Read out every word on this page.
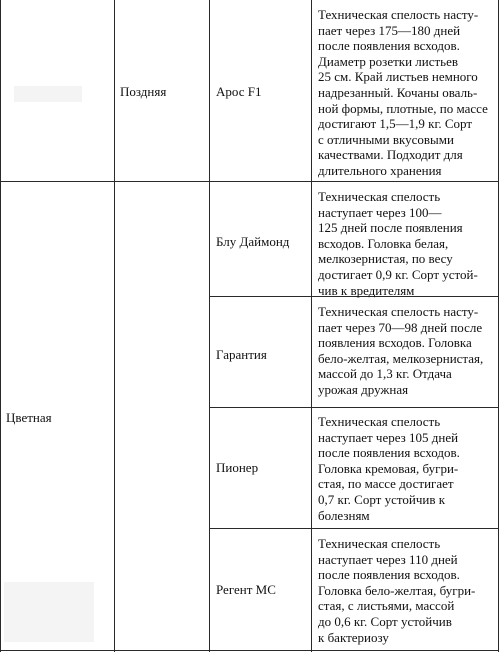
Поздняя	Арос F1
Техническая спелость насту-
пает через 175—180 дней
после появления всходов.
Диаметр розетки листьев
25 см. Край листьев немного
надрезанный. Кочаны оваль-
ной формы, плотные, по массе
достигают 1,5—1,9 кг. Сорт
с отличными вкусовыми
качествами. Подходит для
длительного хранения
Цветная
Блу Даймонд
Техническая спелость
наступает через 100—
125 дней после появления
всходов. Головка белая,
мелкозернистая, по весу
достигает 0,9 кг. Сорт устой-
чив к вредителям
Гарантия
Техническая спелость насту-
пает через 70—98 дней после
появления всходов. Головка
бело-желтая, мелкозернистая,
массой до 1,3 кг. Отдача
урожая дружная
Пионер
Техническая спелость
наступает через 105 дней
после появления всходов.
Головка кремовая, бугри-
стая, по массе достигает
0,7 кг. Сорт устойчив к
болезням
Регент МС
Техническая спелость
наступает через 110 дней
после появления всходов.
Головка бело-желтая, бугри-
стая, с листьями, массой
до 0,6 кг. Сорт устойчив
к бактериозу
